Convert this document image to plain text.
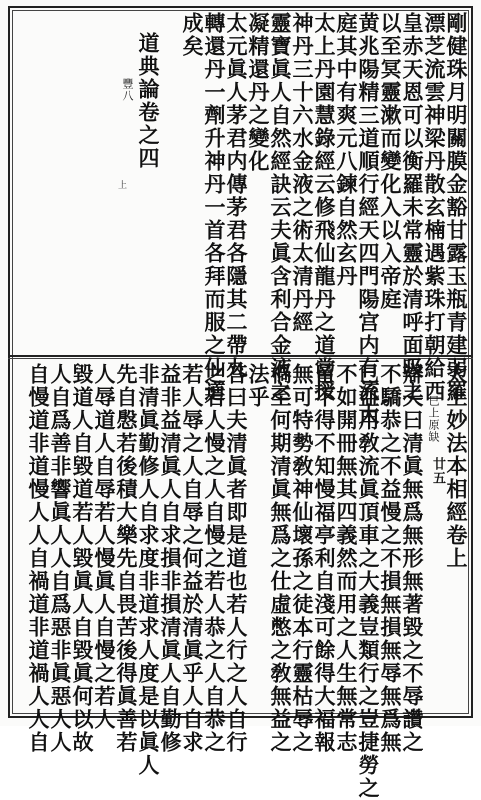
剛健珠月明關膜金豁甘露玉瓶青建弱羅
漂芝流雲神梁丹散玄楠遇紫珠打朝給西
皇赤天恩可以衡羅未常靈於清呼面吸之
以至冥靈漱而變化入以入帝庭
黄兆陽精三道順行經天四門陽宫内有流大
庭其中有爽元八鍊自然玄丹
太上丹園慧錄經云修飛仙龍丹之道當授
神丹三十六水金液之術太清丹經
靈寶眞人自然經訣云夫眞含利合金液之
凝精還丹之變化
太元眞人茅君内傳茅君各隱其二帶九
轉還丹一劑升神丹一首各拜而服之仙道
成矣
道典論卷之四
豐八
上
太上妙法本相經卷上
巳上原缺
廿五
辯夫曰清眞無爲無形無著毀之不辱讚之
不驕恭之不益慢之不損無損無辱無爲無
已益用敎流眞頂車之大義豈類行之豈捷勞之
不如開冊無其四義然而用之人生無常志
留不得不知慢福亭利自淺可餘得大福報
無可特勢敎神仙壞孫之徒本行靈枯辱之
禍至何期清眞無爲之仕虛憋之敎無益之
法乎
答曰夫清眞者即是道也若人行之人自行
之若人慢之人自慢之若人恭之人自恭之
若人辱之人自辱之何益於清眞乎人自求
益非益清眞人自求損非損清眞人自勤修
非清眞勤修人自求度非道求人度是以眞人
先自慇若後積大樂先自畏苦後得眞善若
人辱道人自辱若人慢眞人自慢之若人
毀道人自毀道若人毀眞人自毀眞何以故
人自爲善非響眞人人自爲惡非眞惡人人
自慢道非道慢人人自禍道非道禍人人自
